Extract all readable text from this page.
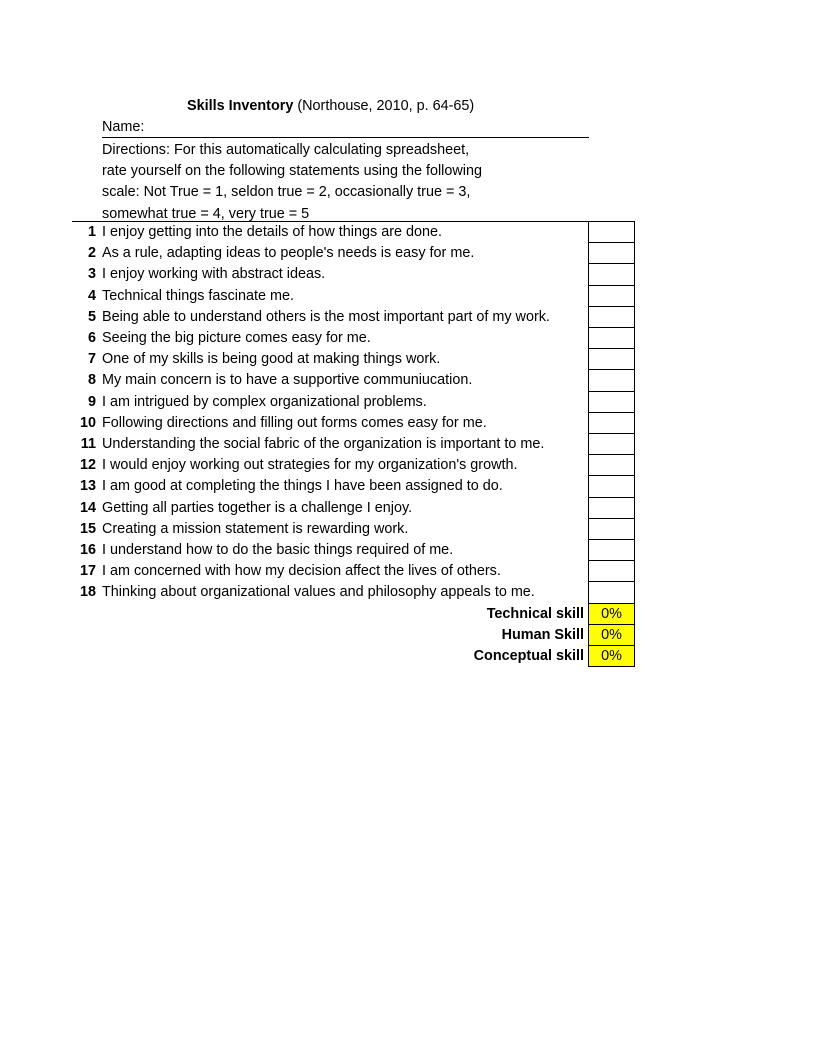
Skills Inventory (Northouse, 2010, p. 64-65)
Name:
Directions: For this automatically calculating spreadsheet,
rate yourself on the following statements using the following
scale: Not True = 1, seldon true = 2, occasionally true = 3,
somewhat true = 4, very true = 5
1 I enjoy getting into the details of how things are done.
2 As a rule, adapting ideas to people's needs is easy for me.
3 I enjoy working with abstract ideas.
4 Technical things fascinate me.
5 Being able to understand others is the most important part of my work.
6 Seeing the big picture comes easy for me.
7 One of my skills is being good at making things work.
8 My main concern is to have a supportive communiucation.
9 I am intrigued by complex organizational problems.
10 Following directions and filling out forms comes easy for me.
11 Understanding the social fabric of the organization is important to me.
12 I would enjoy working out strategies for my organization's growth.
13 I am good at completing the things I have been assigned to do.
14 Getting all parties together is a challenge I enjoy.
15 Creating a mission statement is rewarding work.
16 I understand how to do the basic things required of me.
17 I am concerned with how my decision affect the lives of others.
18 Thinking about organizational values and philosophy appeals to me.
Technical skill	0%
Human Skill	0%
Conceptual skill	0%
